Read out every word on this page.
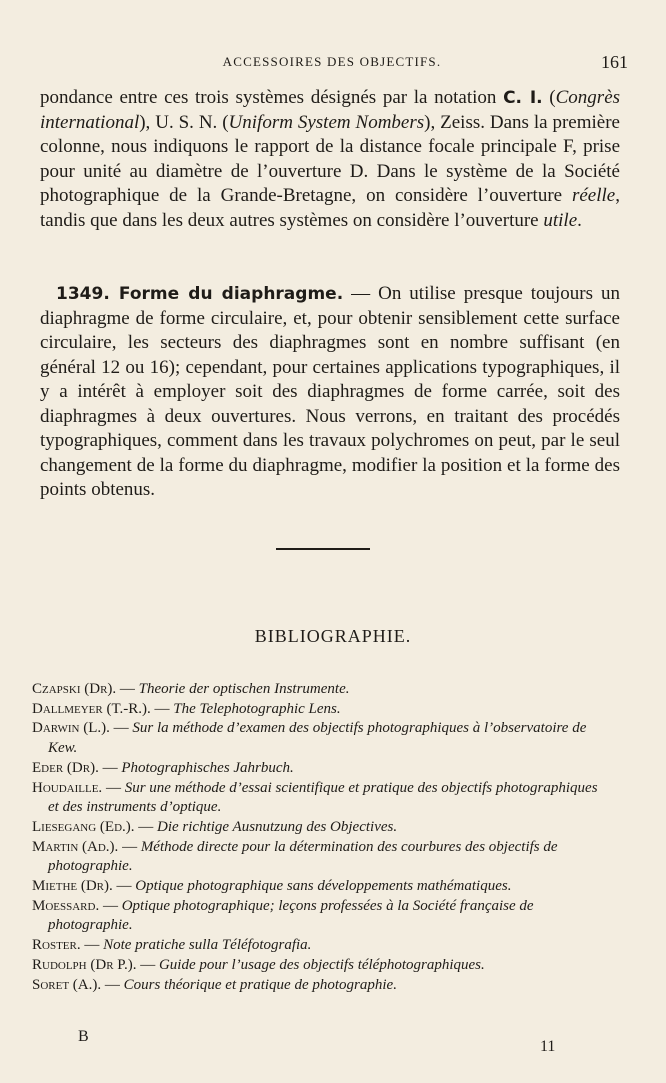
ACCESSOIRES DES OBJECTIFS.	161

pondance entre ces trois systèmes désignés par la notation C. I. (Congrès international), U. S. N. (Uniform System Nombers), Zeiss. Dans la première colonne, nous indiquons le rapport de la distance focale principale F, prise pour unité au diamètre de l’ouverture D. Dans le système de la Société photographique de la Grande-Bretagne, on considère l’ouverture réelle, tandis que dans les deux autres systèmes on considère l’ouverture utile.

1349. Forme du diaphragme. — On utilise presque toujours un diaphragme de forme circulaire, et, pour obtenir sensiblement cette surface circulaire, les secteurs des diaphragmes sont en nombre suffisant (en général 12 ou 16); cependant, pour certaines applications typographiques, il y a intérêt à employer soit des diaphragmes de forme carrée, soit des diaphragmes à deux ouvertures. Nous verrons, en traitant des procédés typographiques, comment dans les travaux polychromes on peut, par le seul changement de la forme du diaphragme, modifier la position et la forme des points obtenus.

BIBLIOGRAPHIE.

Czapski (Dr). — Theorie der optischen Instrumente.

Dallmeyer (T.-R.). — The Telephotographic Lens.

Darwin (L.). — Sur la méthode d’examen des objectifs photographiques à l’observatoire de Kew.

Eder (Dr). — Photographisches Jahrbuch.

Houdaille. — Sur une méthode d’essai scientifique et pratique des objectifs photographiques et des instruments d’optique.

Liesegang (Ed.). — Die richtige Ausnutzung des Objectives.

Martin (Ad.). — Méthode directe pour la détermination des courbures des objectifs de photographie.

Miethe (Dr). — Optique photographique sans développements mathématiques.

Moessard. — Optique photographique; leçons professées à la Société française de photographie.

Roster. — Note pratiche sulla Téléfotografia.

Rudolph (Dr P.). — Guide pour l’usage des objectifs téléphotographiques.

Soret (A.). — Cours théorique et pratique de photographie.

B
11
